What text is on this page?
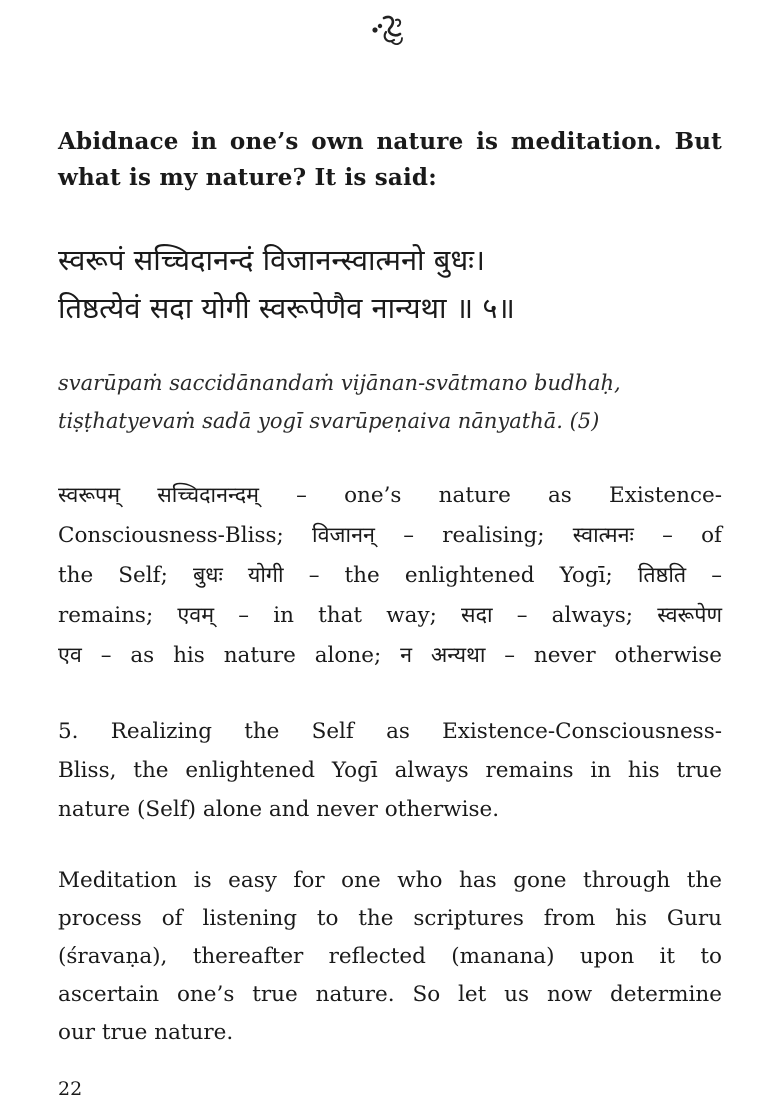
Abidnace in one’s own nature is meditation. But
what is my nature? It is said:
स्वरूपं सच्चिदानन्दं विजानन्स्वात्मनो बुधः।
तिष्ठत्येवं सदा योगी स्वरूपेणैव नान्यथा ॥ ५॥
svarūpaṁ saccidānandaṁ vijānan-svātmano budhaḥ,
tiṣṭhatyevaṁ sadā yogī svarūpeṇaiva nānyathā. (5)
स्वरूपम् सच्चिदानन्दम् – one’s nature as Existence-
Consciousness-Bliss; विजानन् – realising; स्वात्मनः – of
the Self; बुधः योगी – the enlightened Yogī; तिष्ठति –
remains; एवम् – in that way; सदा – always; स्वरूपेण
एव – as his nature alone; न अन्यथा – never otherwise
5. Realizing the Self as Existence-Consciousness-
Bliss, the enlightened Yogī always remains in his true
nature (Self) alone and never otherwise.
Meditation is easy for one who has gone through the
process of listening to the scriptures from his Guru
(śravaṇa), thereafter reflected (manana) upon it to
ascertain one’s true nature. So let us now determine
our true nature.
22
